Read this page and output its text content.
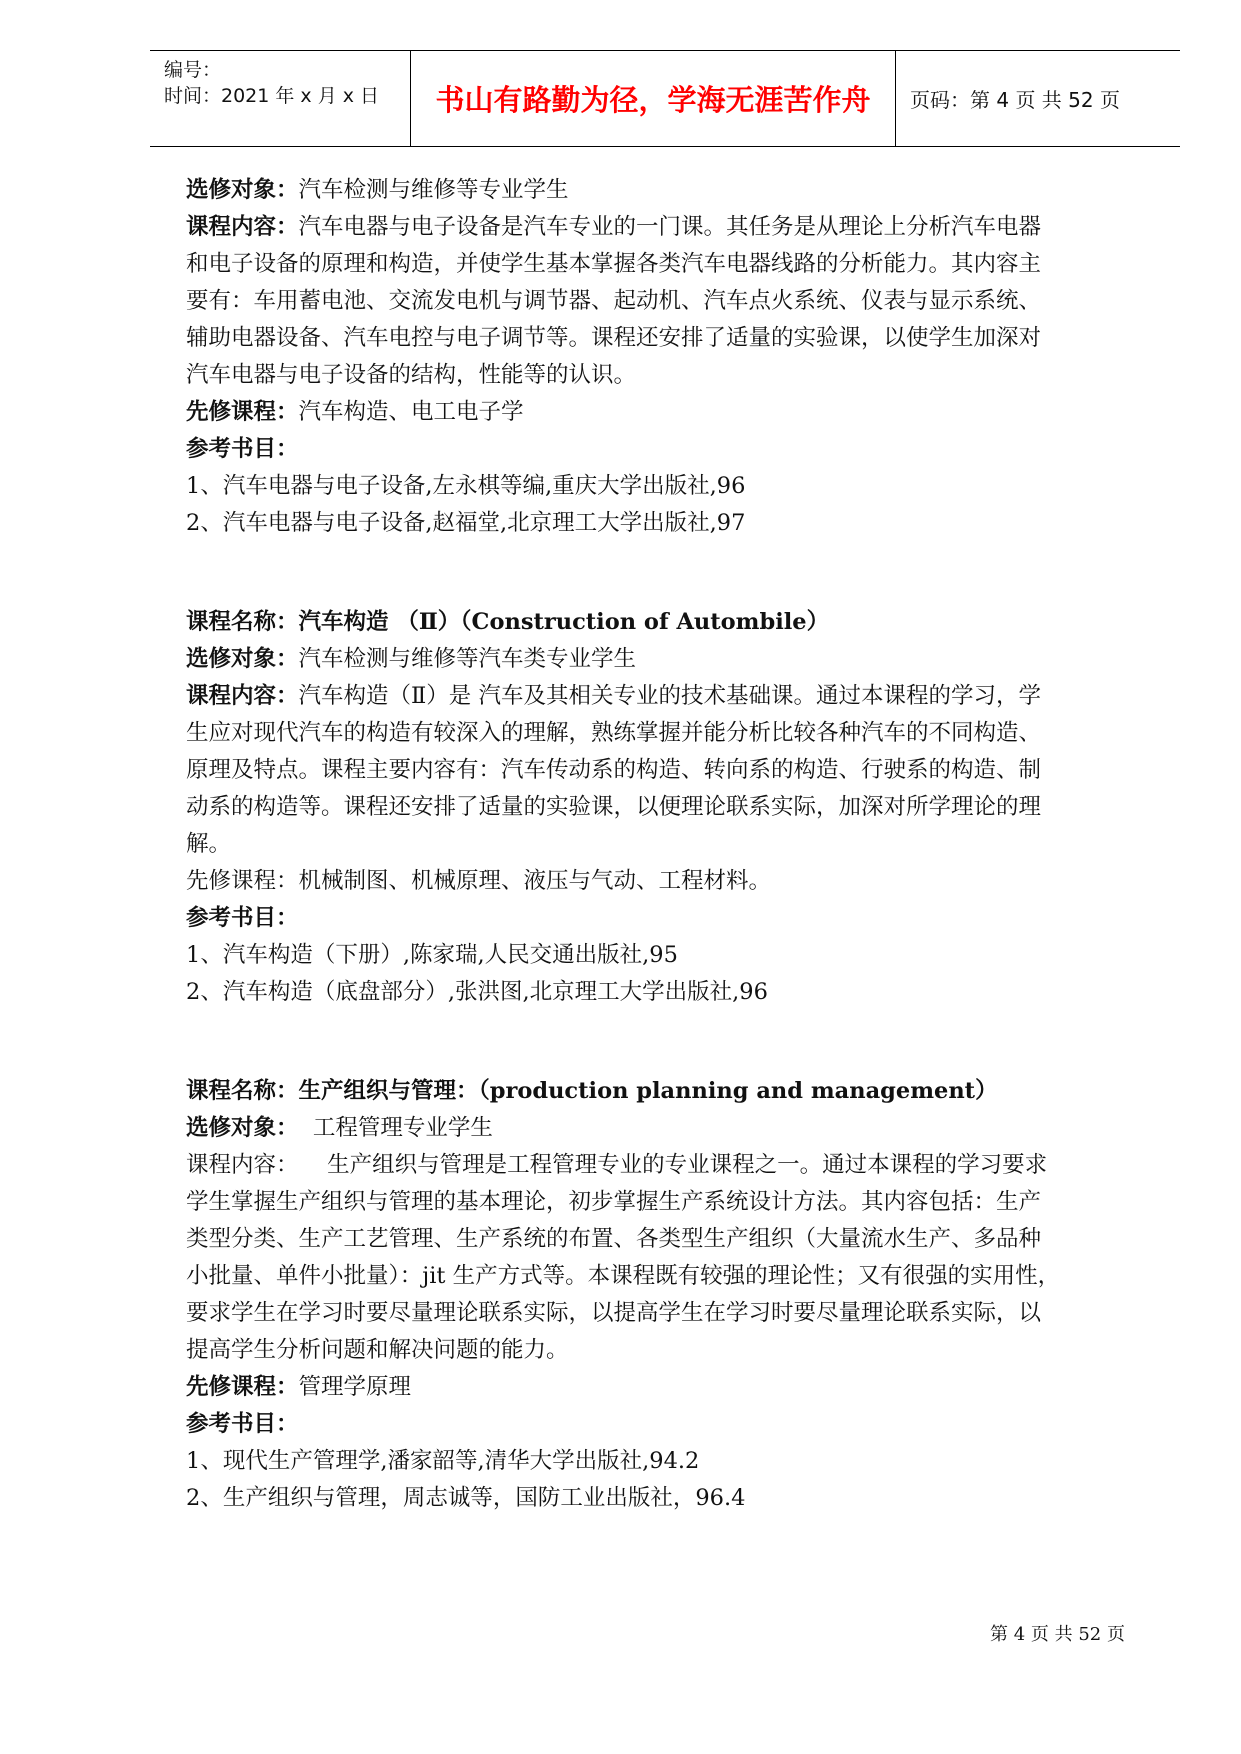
编号：
时间：2021 年 x 月 x 日	书山有路勤为径，学海无涯苦作舟	页码：第 4 页 共 52 页
选修对象：汽车检测与维修等专业学生
课程内容：汽车电器与电子设备是汽车专业的一门课。其任务是从理论上分析汽车电器
和电子设备的原理和构造，并使学生基本掌握各类汽车电器线路的分析能力。其内容主
要有：车用蓄电池、交流发电机与调节器、起动机、汽车点火系统、仪表与显示系统、
辅助电器设备、汽车电控与电子调节等。课程还安排了适量的实验课，以使学生加深对
汽车电器与电子设备的结构，性能等的认识。
先修课程：汽车构造、电工电子学
参考书目：
1、汽车电器与电子设备,左永棋等编,重庆大学出版社,96
2、汽车电器与电子设备,赵福堂,北京理工大学出版社,97
课程名称：汽车构造 （Ⅱ）（Construction of Autombile）
选修对象：汽车检测与维修等汽车类专业学生
课程内容：汽车构造（Ⅱ）是 汽车及其相关专业的技术基础课。通过本课程的学习，学
生应对现代汽车的构造有较深入的理解，熟练掌握并能分析比较各种汽车的不同构造、
原理及特点。课程主要内容有：汽车传动系的构造、转向系的构造、行驶系的构造、制
动系的构造等。课程还安排了适量的实验课，以便理论联系实际，加深对所学理论的理
解。
先修课程：机械制图、机械原理、液压与气动、工程材料。
参考书目：
1、汽车构造（下册）,陈家瑞,人民交通出版社,95
2、汽车构造（底盘部分）,张洪图,北京理工大学出版社,96
课程名称：生产组织与管理：（production planning and management）
选修对象：  工程管理专业学生
课程内容：    生产组织与管理是工程管理专业的专业课程之一。通过本课程的学习要求
学生掌握生产组织与管理的基本理论，初步掌握生产系统设计方法。其内容包括：生产
类型分类、生产工艺管理、生产系统的布置、各类型生产组织（大量流水生产、多品种
小批量、单件小批量）：jit 生产方式等。本课程既有较强的理论性；又有很强的实用性，
要求学生在学习时要尽量理论联系实际，以提高学生在学习时要尽量理论联系实际，以
提高学生分析问题和解决问题的能力。
先修课程：管理学原理
参考书目：
1、现代生产管理学,潘家韶等,清华大学出版社,94.2
2、生产组织与管理，周志诚等，国防工业出版社，96.4
第 4 页 共 52 页
